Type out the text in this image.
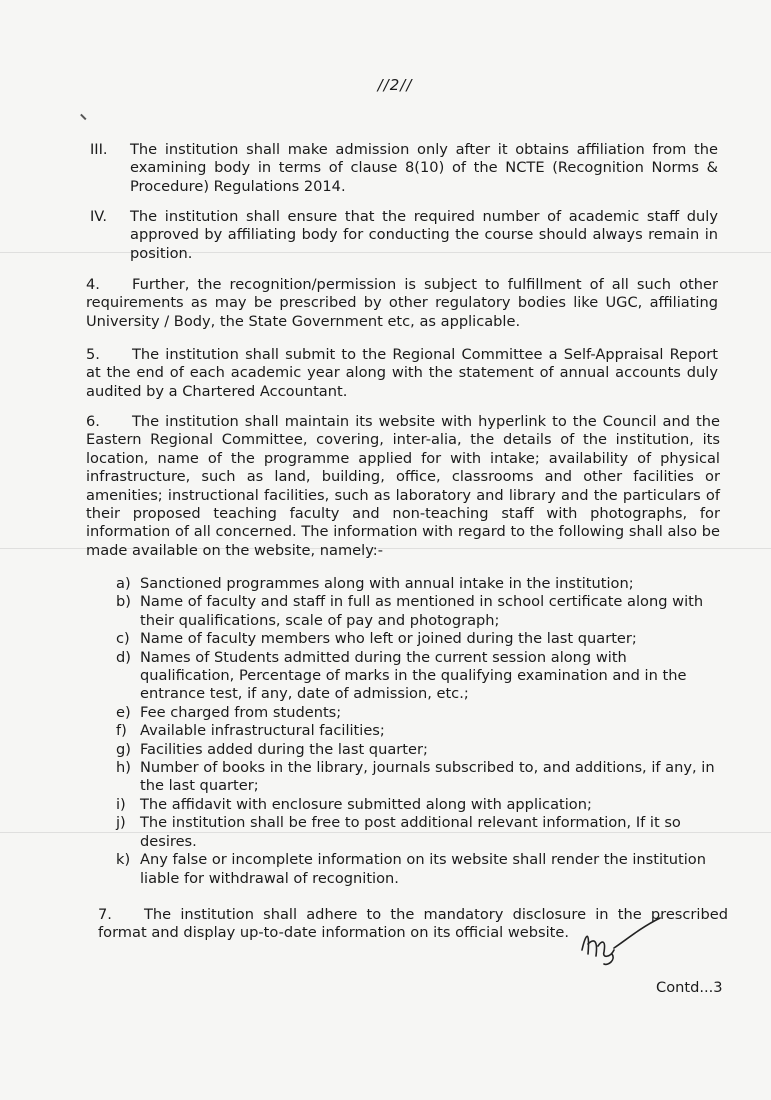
//2//
III.	The institution shall make admission only after it obtains affiliation from the examining body in terms of clause 8(10) of the NCTE (Recognition Norms & Procedure) Regulations 2014.
IV.	The institution shall ensure that the required number of academic staff duly approved by affiliating body for conducting the course should always remain in position.
4. Further, the recognition/permission is subject to fulfillment of all such other requirements as may be prescribed by other regulatory bodies like UGC, affiliating University / Body, the State Government etc, as applicable.
5. The institution shall submit to the Regional Committee a Self-Appraisal Report at the end of each academic year along with the statement of annual accounts duly audited by a Chartered Accountant.
6. The institution shall maintain its website with hyperlink to the Council and the Eastern Regional Committee, covering, inter-alia, the details of the institution, its location, name of the programme applied for with intake; availability of physical infrastructure, such as land, building, office, classrooms and other facilities or amenities; instructional facilities, such as laboratory and library and the particulars of their proposed teaching faculty and non-teaching staff with photographs, for information of all concerned. The information with regard to the following shall also be made available on the website, namely:-
a) Sanctioned programmes along with annual intake in the institution;
b) Name of faculty and staff in full as mentioned in school certificate along with their qualifications, scale of pay and photograph;
c) Name of faculty members who left or joined during the last quarter;
d) Names of Students admitted during the current session along with qualification, Percentage of marks in the qualifying examination and in the entrance test, if any, date of admission, etc.;
e) Fee charged from students;
f) Available infrastructural facilities;
g) Facilities added during the last quarter;
h) Number of books in the library, journals subscribed to, and additions, if any, in the last quarter;
i) The affidavit with enclosure submitted along with application;
j) The institution shall be free to post additional relevant information, If it so desires.
k) Any false or incomplete information on its website shall render the institution liable for withdrawal of recognition.
7. The institution shall adhere to the mandatory disclosure in the prescribed format and display up-to-date information on its official website.
Contd...3
